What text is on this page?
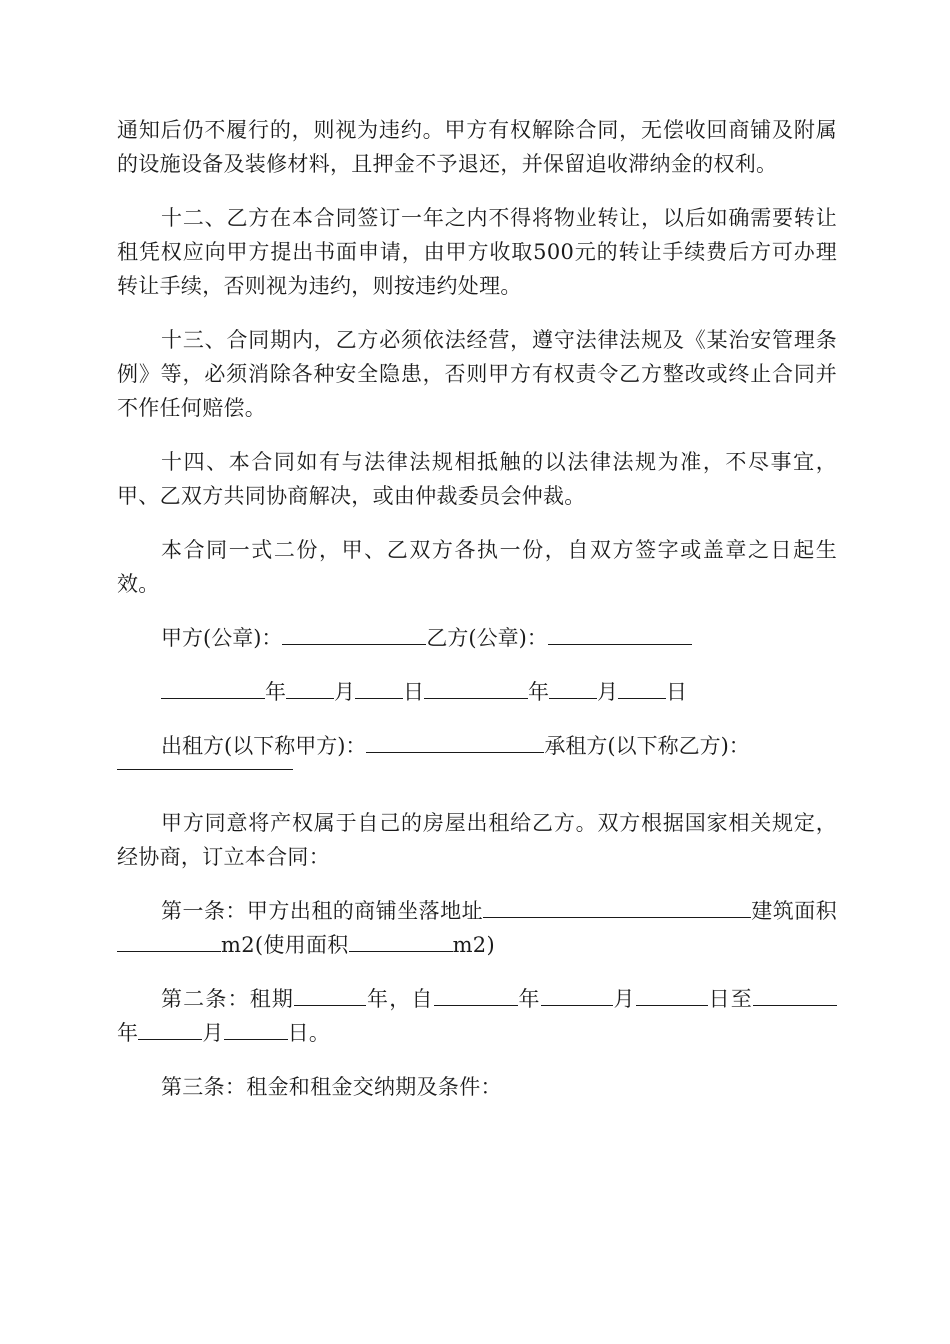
通知后仍不履行的，则视为违约。甲方有权解除合同，无偿收回商铺及附属的设施设备及装修材料，且押金不予退还，并保留追收滞纳金的权利。

十二、乙方在本合同签订一年之内不得将物业转让，以后如确需要转让租凭权应向甲方提出书面申请，由甲方收取500元的转让手续费后方可办理转让手续，否则视为违约，则按违约处理。

十三、合同期内，乙方必须依法经营，遵守法律法规及《某治安管理条例》等，必须消除各种安全隐患，否则甲方有权责令乙方整改或终止合同并不作任何赔偿。

十四、本合同如有与法律法规相抵触的以法律法规为准，不尽事宜，甲、乙双方共同协商解决，或由仲裁委员会仲裁。

本合同一式二份，甲、乙双方各执一份，自双方签字或盖章之日起生效。

甲方(公章)：	乙方(公章)：
年 月 日	年 月 日
出租方(以下称甲方)：	承租方(以下称乙方)：

甲方同意将产权属于自己的房屋出租给乙方。双方根据国家相关规定，经协商，订立本合同：

第一条：甲方出租的商铺坐落地址	建筑面积m2(使用面积	m2)

第二条：租期	年，自	年	月	日至年	月	日。

第三条：租金和租金交纳期及条件：
